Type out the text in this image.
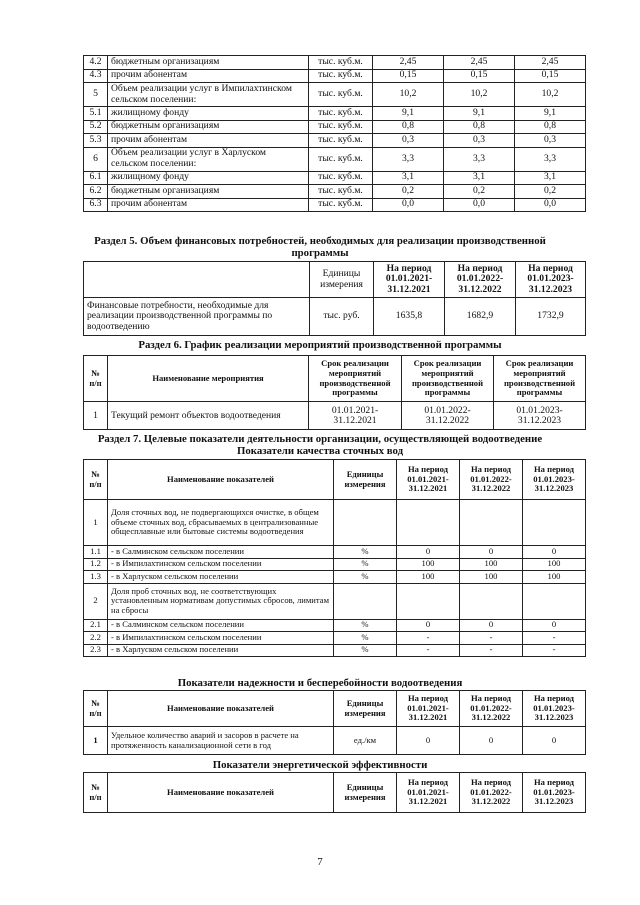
4.2	бюджетным организациям	тыс. куб.м.	2,45	2,45	2,45
4.3	прочим абонентам	тыс. куб.м.	0,15	0,15	0,15
5	Объем реализации услуг в Импилахтинском сельском поселении:	тыс. куб.м.	10,2	10,2	10,2
5.1	жилищному фонду	тыс. куб.м.	9,1	9,1	9,1
5.2	бюджетным организациям	тыс. куб.м.	0,8	0,8	0,8
5.3	прочим абонентам	тыс. куб.м.	0,3	0,3	0,3
6	Объем реализации услуг в Харлуском сельском поселении:	тыс. куб.м.	3,3	3,3	3,3
6.1	жилищному фонду	тыс. куб.м.	3,1	3,1	3,1
6.2	бюджетным организациям	тыс. куб.м.	0,2	0,2	0,2
6.3	прочим абонентам	тыс. куб.м.	0,0	0,0	0,0
Раздел 5. Объем финансовых потребностей, необходимых для реализации производственной
программы
	Единицы измерения	На период 01.01.2021-31.12.2021	На период 01.01.2022-31.12.2022	На период 01.01.2023-31.12.2023
Финансовые потребности, необходимые для реализации производственной программы по водоотведению	тыс. руб.	1635,8	1682,9	1732,9
Раздел 6. График реализации мероприятий производственной программы
№ п/п	Наименование мероприятия	Срок реализации мероприятий производственной программы	Срок реализации мероприятий производственной программы	Срок реализации мероприятий производственной программы
1	Текущий ремонт объектов водоотведения	01.01.2021-31.12.2021	01.01.2022-31.12.2022	01.01.2023-31.12.2023
Раздел 7. Целевые показатели деятельности организации, осуществляющей водоотведение
Показатели качества сточных вод
№ п/п	Наименование показателей	Единицы измерения	На период 01.01.2021-31.12.2021	На период 01.01.2022-31.12.2022	На период 01.01.2023-31.12.2023
1	Доля сточных вод, не подвергающихся очистке, в общем объеме сточных вод, сбрасываемых в централизованные общесплавные или бытовые системы водоотведения				
1.1	- в Салминском сельском поселении	%	0	0	0
1.2	- в Импилахтинском сельском поселении	%	100	100	100
1.3	- в Харлуском сельском поселении	%	100	100	100
2	Доля проб сточных вод, не соответствующих установленным нормативам допустимых сбросов, лимитам на сбросы				
2.1	- в Салминском сельском поселении	%	0	0	0
2.2	- в Импилахтинском сельском поселении	%	-	-	-
2.3	- в Харлуском сельском поселении	%	-	-	-
Показатели надежности и бесперебойности водоотведения
№ п/п	Наименование показателей	Единицы измерения	На период 01.01.2021-31.12.2021	На период 01.01.2022-31.12.2022	На период 01.01.2023-31.12.2023
1	Удельное количество аварий и засоров в расчете на протяженность канализационной сети в год	ед./км	0	0	0
Показатели энергетической эффективности
№ п/п	Наименование показателей	Единицы измерения	На период 01.01.2021-31.12.2021	На период 01.01.2022-31.12.2022	На период 01.01.2023-31.12.2023
7
